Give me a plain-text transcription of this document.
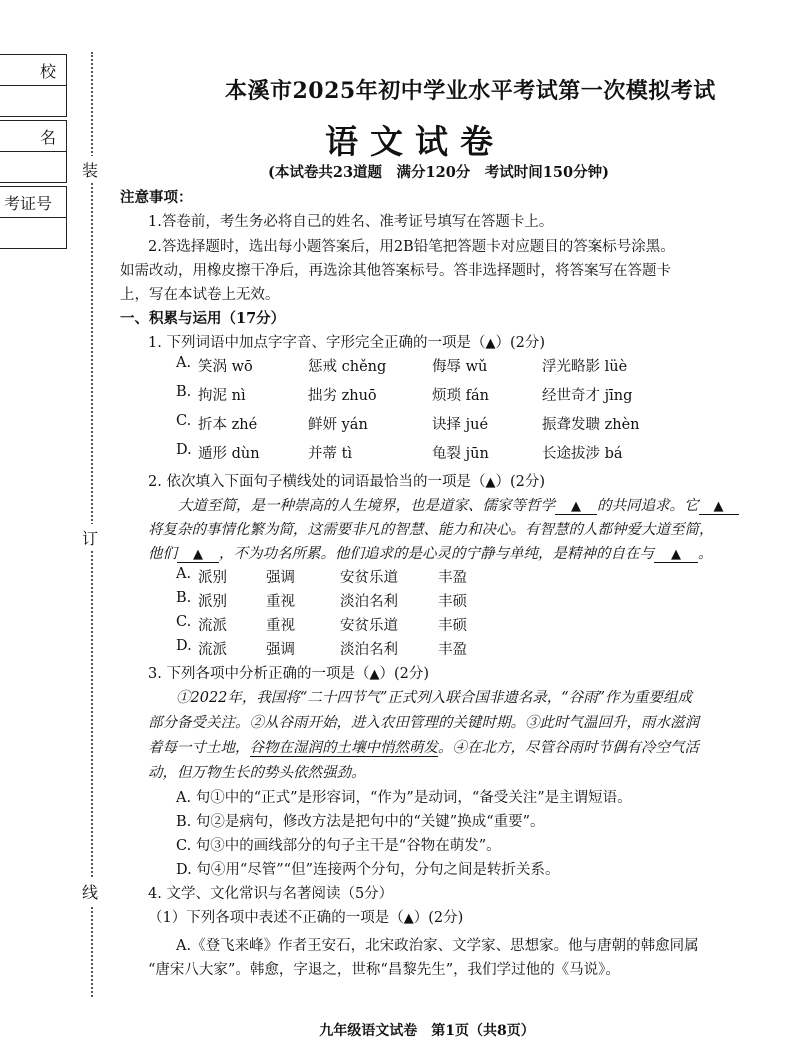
校
名
考证号
装
订
线
本溪市2025年初中学业水平考试第一次模拟考试
语文试卷
(本试卷共23道题　满分120分　考试时间150分钟)
注意事项：
1.答卷前，考生务必将自己的姓名、准考证号填写在答题卡上。
2.答选择题时，选出每小题答案后，用2B铅笔把答题卡对应题目的答案标号涂黑。
如需改动，用橡皮擦干净后，再选涂其他答案标号。答非选择题时，将答案写在答题卡
上，写在本试卷上无效。
一、积累与运用（17分）
1. 下列词语中加点字字音、字形完全正确的一项是（▲）(2分)
A. 笑涡 wō	惩戒 chěng	侮辱 wǔ	浮光略影 lüè
B. 拘泥 nì	拙劣 zhuō	烦琐 fán	经世奇才 jīng
C. 折本 zhé	鲜妍 yán	诀择 jué	振聋发聩 zhèn
D. 遁形 dùn	并蒂 tì	龟裂 jūn	长途拔涉 bá
2. 依次填入下面句子横线处的词语最恰当的一项是（▲）(2分)
大道至简，是一种崇高的人生境界，也是道家、儒家等哲学 ▲ 的共同追求。它 ▲
将复杂的事情化繁为简，这需要非凡的智慧、能力和决心。有智慧的人都钟爱大道至简，
他们 ▲ ，不为功名所累。他们追求的是心灵的宁静与单纯，是精神的自在与 ▲ 。
A. 派别	强调	安贫乐道	丰盈
B. 派别	重视	淡泊名利	丰硕
C. 流派	重视	安贫乐道	丰硕
D. 流派	强调	淡泊名利	丰盈
3. 下列各项中分析正确的一项是（▲）(2分)
①2022年，我国将“二十四节气”正式列入联合国非遗名录，“谷雨”作为重要组成
部分备受关注。②从谷雨开始，进入农田管理的关键时期。③此时气温回升，雨水滋润
着每一寸土地，谷物在湿润的土壤中悄然萌发。④在北方，尽管谷雨时节偶有冷空气活
动，但万物生长的势头依然强劲。
A. 句①中的“正式”是形容词，“作为”是动词，“备受关注”是主谓短语。
B. 句②是病句，修改方法是把句中的“关键”换成“重要”。
C. 句③中的画线部分的句子主干是“谷物在萌发”。
D. 句④用“尽管”“但”连接两个分句，分句之间是转折关系。
4. 文学、文化常识与名著阅读（5分）
（1）下列各项中表述不正确的一项是（▲）(2分)
A.《登飞来峰》作者王安石，北宋政治家、文学家、思想家。他与唐朝的韩愈同属
“唐宋八大家”。韩愈，字退之，世称“昌黎先生”，我们学过他的《马说》。
九年级语文试卷　第1页（共8页）
